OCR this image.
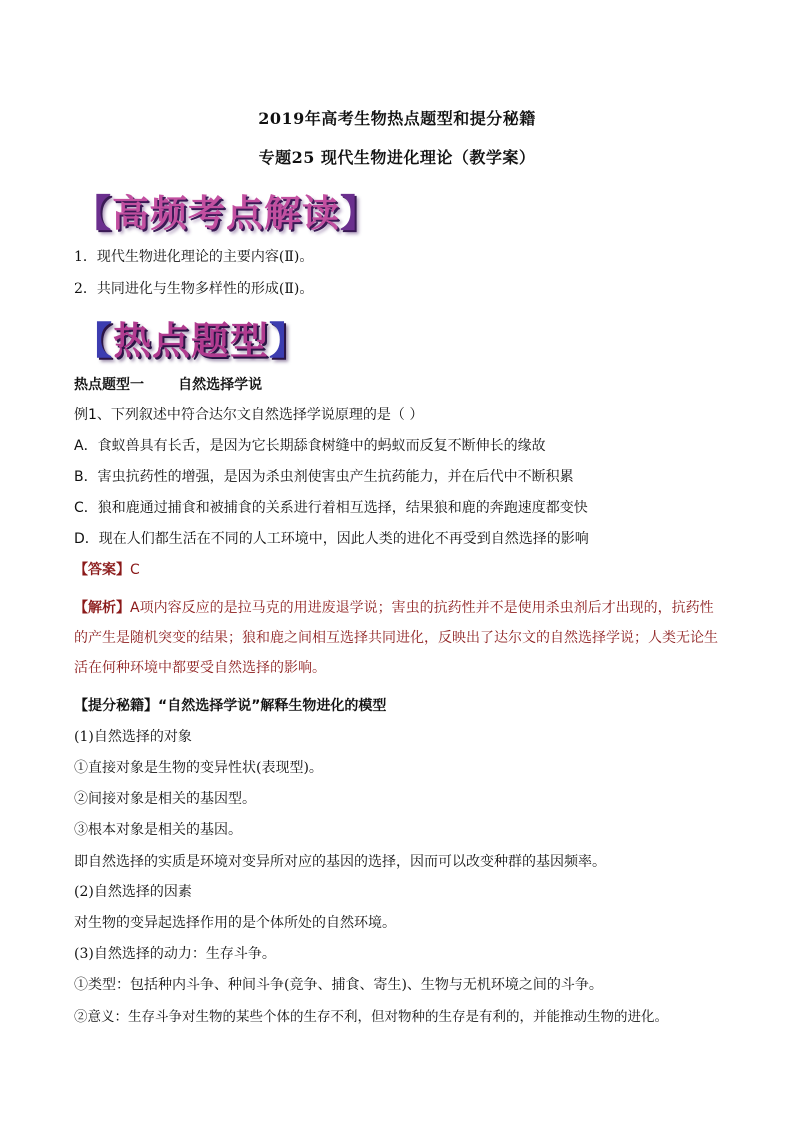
2019年高考生物热点题型和提分秘籍
专题25 现代生物进化理论（教学案）
【高频考点解读】
1．现代生物进化理论的主要内容(Ⅱ)。
2．共同进化与生物多样性的形成(Ⅱ)。
【热点题型】
热点题型一       自然选择学说
例1、下列叙述中符合达尔文自然选择学说原理的是（ ）
A．食蚁兽具有长舌，是因为它长期舔食树缝中的蚂蚁而反复不断伸长的缘故
B．害虫抗药性的增强，是因为杀虫剂使害虫产生抗药能力，并在后代中不断积累
C．狼和鹿通过捕食和被捕食的关系进行着相互选择，结果狼和鹿的奔跑速度都变快
D．现在人们都生活在不同的人工环境中，因此人类的进化不再受到自然选择的影响
【答案】C
【解析】A项内容反应的是拉马克的用进废退学说；害虫的抗药性并不是使用杀虫剂后才出现的，抗药性的产生是随机突变的结果；狼和鹿之间相互选择共同进化，反映出了达尔文的自然选择学说；人类无论生活在何种环境中都要受自然选择的影响。
【提分秘籍】“自然选择学说”解释生物进化的模型
(1)自然选择的对象
①直接对象是生物的变异性状(表现型)。
②间接对象是相关的基因型。
③根本对象是相关的基因。
即自然选择的实质是环境对变异所对应的基因的选择，因而可以改变种群的基因频率。
(2)自然选择的因素
对生物的变异起选择作用的是个体所处的自然环境。
(3)自然选择的动力：生存斗争。
①类型：包括种内斗争、种间斗争(竞争、捕食、寄生)、生物与无机环境之间的斗争。
②意义：生存斗争对生物的某些个体的生存不利，但对物种的生存是有利的，并能推动生物的进化。
